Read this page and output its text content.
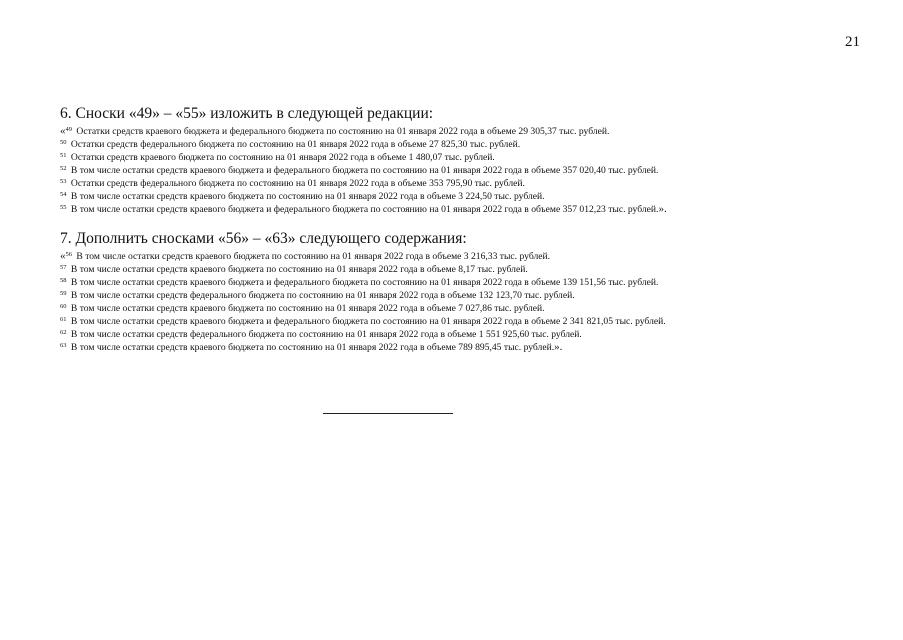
21
6. Сноски «49» – «55» изложить в следующей редакции:
«$^{49}$ Остатки средств краевого бюджета и федерального бюджета по состоянию на 01 января 2022 года в объеме 29 305,37 тыс. рублей.
$^{50}$ Остатки средств федерального бюджета по состоянию на 01 января 2022 года в объеме 27 825,30 тыс. рублей.
$^{51}$ Остатки средств краевого бюджета по состоянию на 01 января 2022 года в объеме 1 480,07 тыс. рублей.
$^{52}$ В том числе остатки средств краевого бюджета и федерального бюджета по состоянию на 01 января 2022 года в объеме 357 020,40 тыс. рублей.
$^{53}$ Остатки средств федерального бюджета по состоянию на 01 января 2022 года в объеме 353 795,90 тыс. рублей.
$^{54}$ В том числе остатки средств краевого бюджета по состоянию на 01 января 2022 года в объеме 3 224,50 тыс. рублей.
$^{55}$ В том числе остатки средств краевого бюджета и федерального бюджета по состоянию на 01 января 2022 года в объеме 357 012,23 тыс. рублей.».
7. Дополнить сносками «56» – «63» следующего содержания:
«$^{56}$ В том числе остатки средств краевого бюджета по состоянию на 01 января 2022 года в объеме 3 216,33 тыс. рублей.
$^{57}$ В том числе остатки средств краевого бюджета по состоянию на 01 января 2022 года в объеме 8,17 тыс. рублей.
$^{58}$ В том числе остатки средств краевого бюджета и федерального бюджета по состоянию на 01 января 2022 года в объеме 139 151,56 тыс. рублей.
$^{59}$ В том числе остатки средств федерального бюджета по состоянию на 01 января 2022 года в объеме 132 123,70 тыс. рублей.
$^{60}$ В том числе остатки средств краевого бюджета по состоянию на 01 января 2022 года в объеме 7 027,86 тыс. рублей.
$^{61}$ В том числе остатки средств краевого бюджета и федерального бюджета по состоянию на 01 января 2022 года в объеме 2 341 821,05 тыс. рублей.
$^{62}$ В том числе остатки средств федерального бюджета по состоянию на 01 января 2022 года в объеме 1 551 925,60 тыс. рублей.
$^{63}$ В том числе остатки средств краевого бюджета по состоянию на 01 января 2022 года в объеме 789 895,45 тыс. рублей.».
